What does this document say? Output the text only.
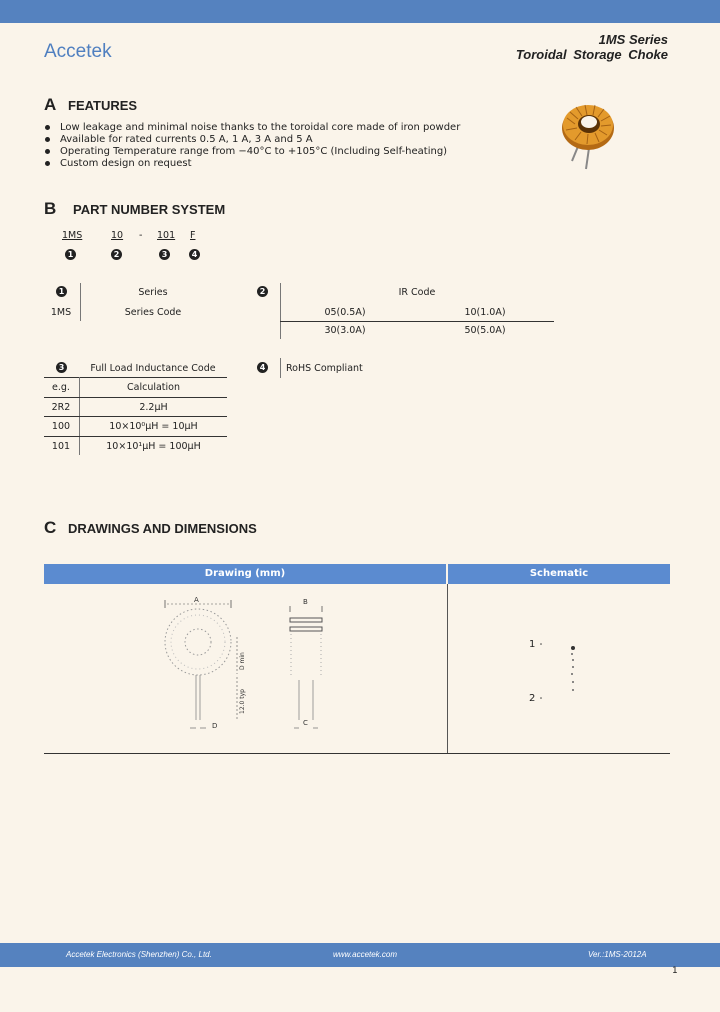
Accetek
1MS Series
Toroidal Storage Choke
A FEATURES
Low leakage and minimal noise thanks to the toroidal core made of iron powder
Available for rated currents 0.5 A, 1 A, 3 A and 5 A
Operating Temperature range from −40°C to +105°C (Including Self-heating)
Custom design on request
B PART NUMBER SYSTEM
1MS	10 - 101 F
1	2	3	4
1	Series
1MS	Series Code
2	IR Code
05(0.5A)	10(1.0A)
30(3.0A)	50(5.0A)
3	Full Load Inductance Code
e.g.	Calculation
2R2	2.2μH
100	10×10⁰μH = 10μH
101	10×10¹μH = 100μH
4 RoHS Compliant
C DRAWINGS AND DIMENSIONS
Drawing (mm)	Schematic
A
D
D min
12.0 typ
B
C
1
2
Accetek Electronics (Shenzhen) Co., Ltd.	www.accetek.com	Ver.:1MS-2012A
1
